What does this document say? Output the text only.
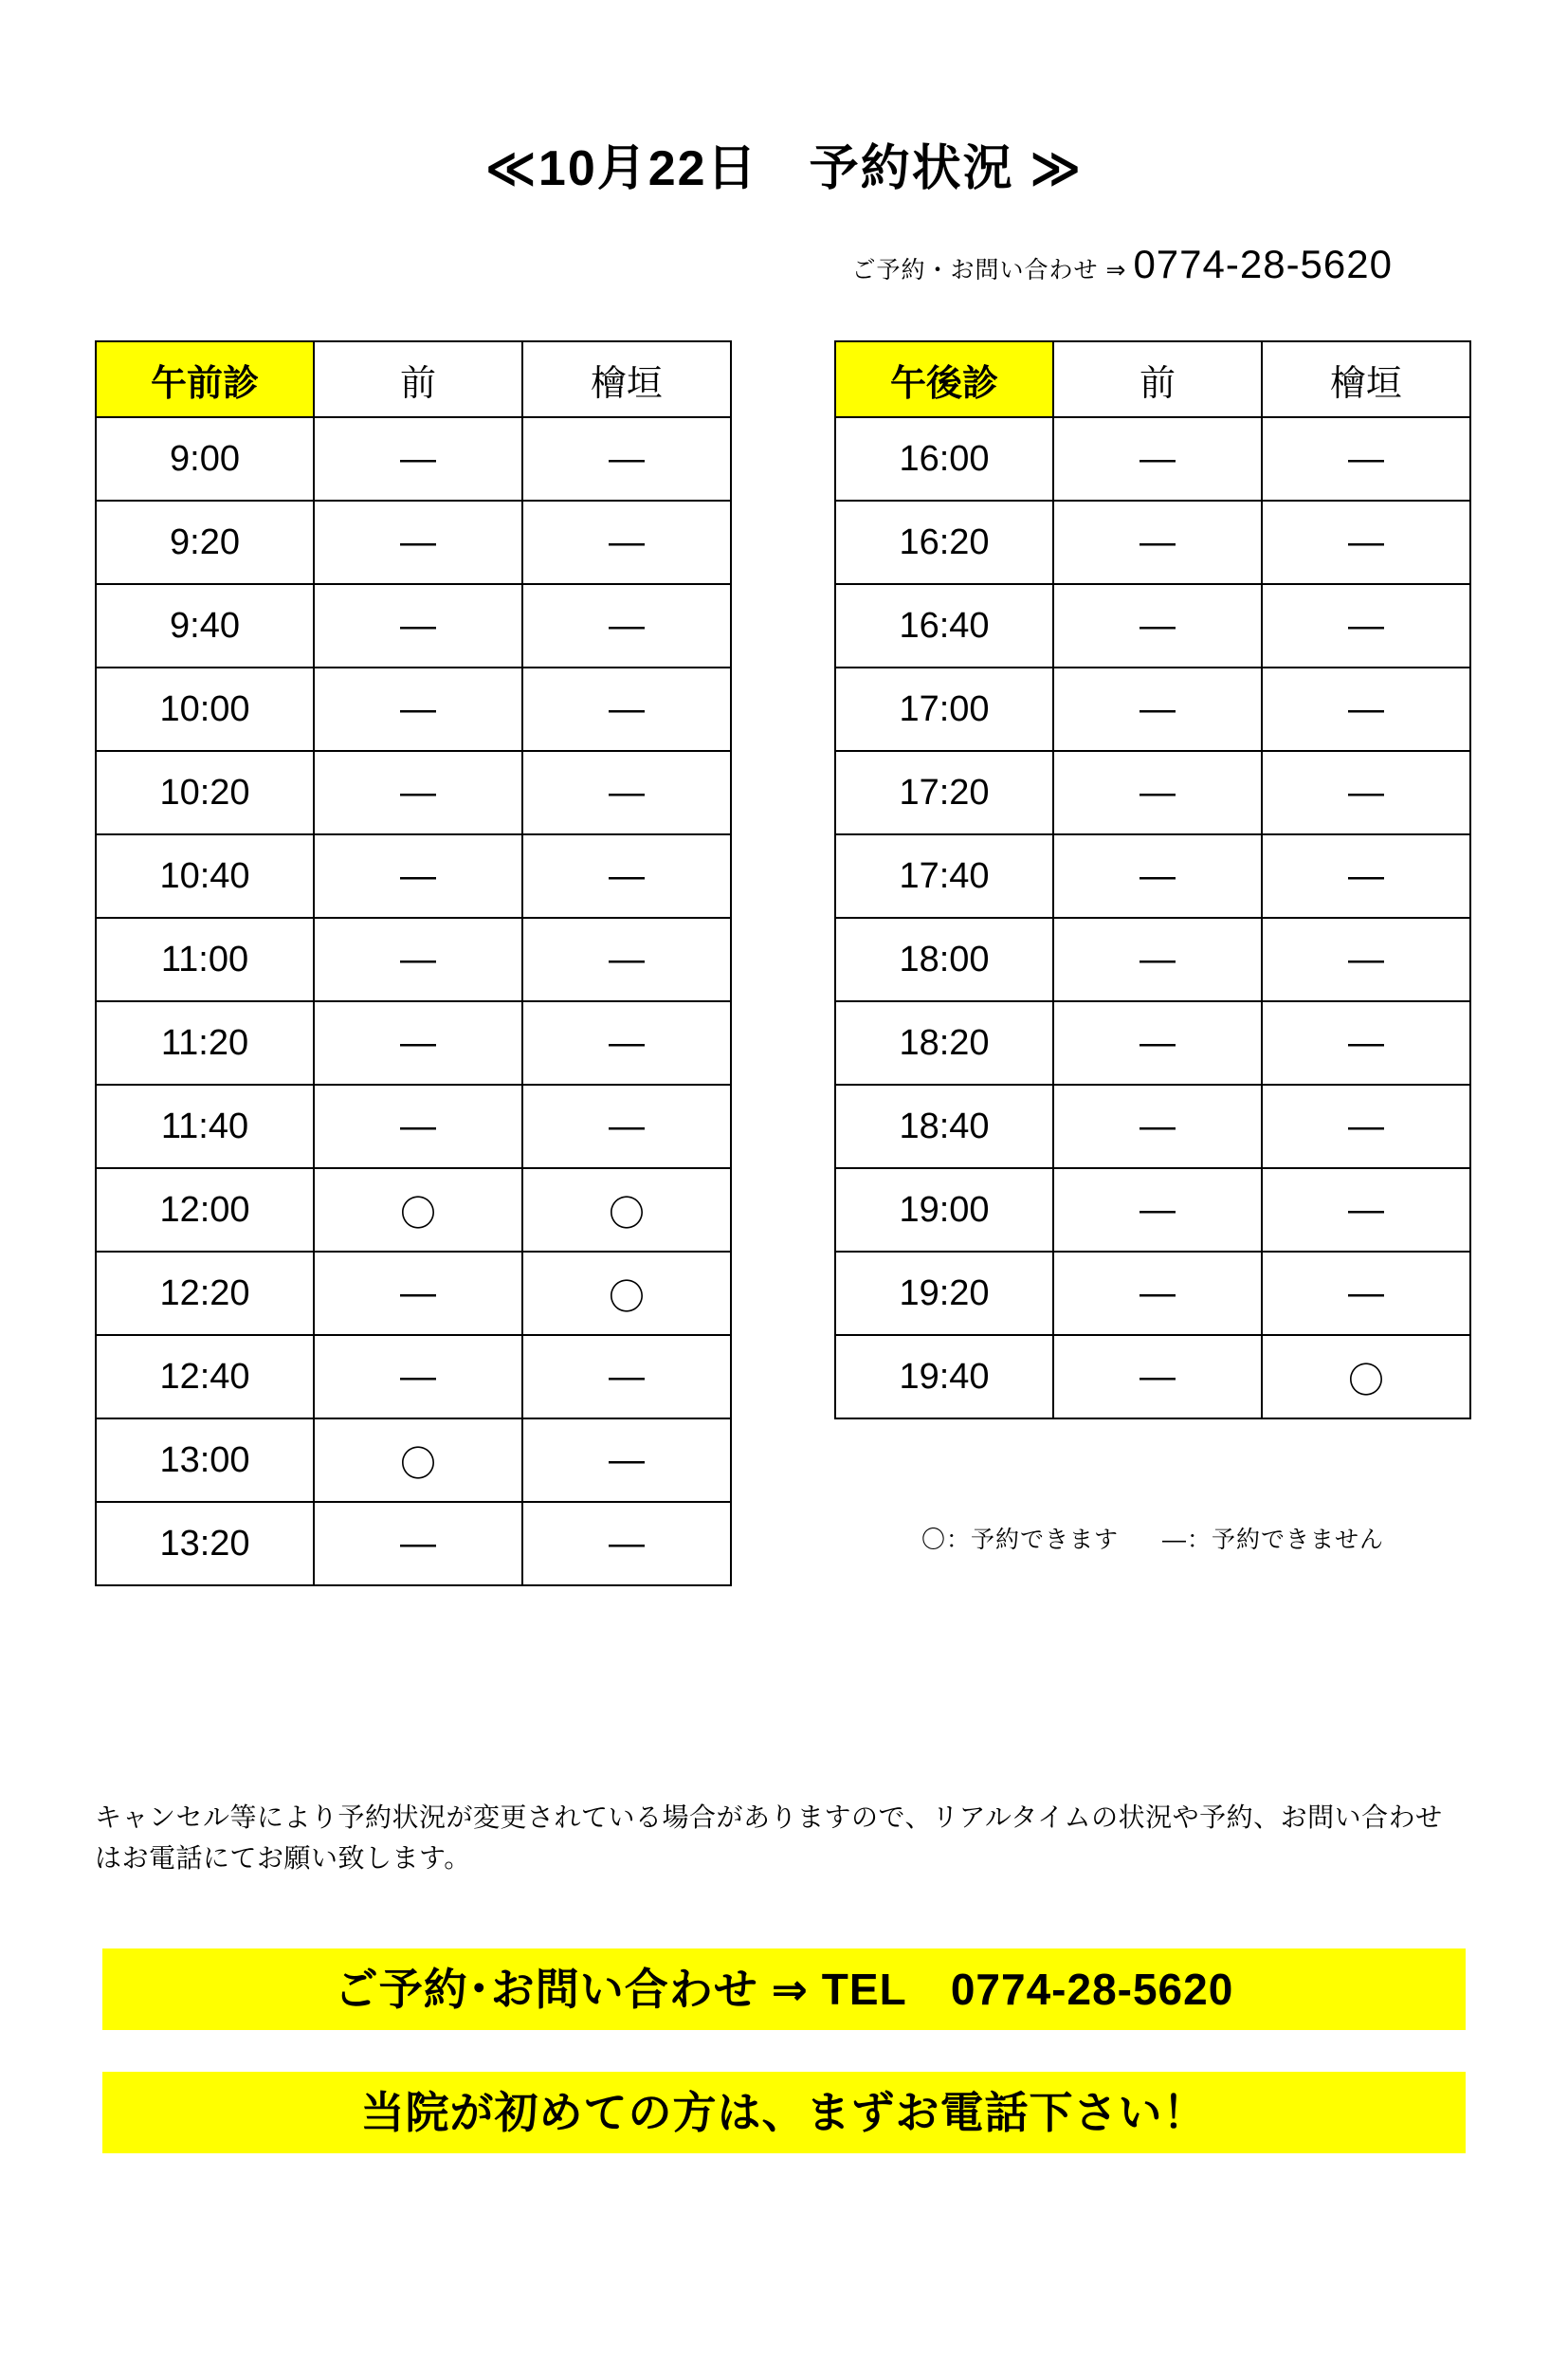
≪10月22日　予約状況 ≫
ご予約・お問い合わせ ⇒ 0774-28-5620
午前診	前	檜垣
9:00	―	―
9:20	―	―
9:40	―	―
10:00	―	―
10:20	―	―
10:40	―	―
11:00	―	―
11:20	―	―
11:40	―	―
12:00	〇	〇
12:20	―	〇
12:40	―	―
13:00	〇	―
13:20	―	―
午後診	前	檜垣
16:00	―	―
16:20	―	―
16:40	―	―
17:00	―	―
17:20	―	―
17:40	―	―
18:00	―	―
18:20	―	―
18:40	―	―
19:00	―	―
19:20	―	―
19:40	―	〇
〇：予約できます ―：予約できません
キャンセル等により予約状況が変更されている場合がありますので、リアルタイムの状況や予約、お問い合わせはお電話にてお願い致します。
ご予約･お問い合わせ ⇒ TEL　0774-28-5620
当院が初めての方は、まずお電話下さい！
